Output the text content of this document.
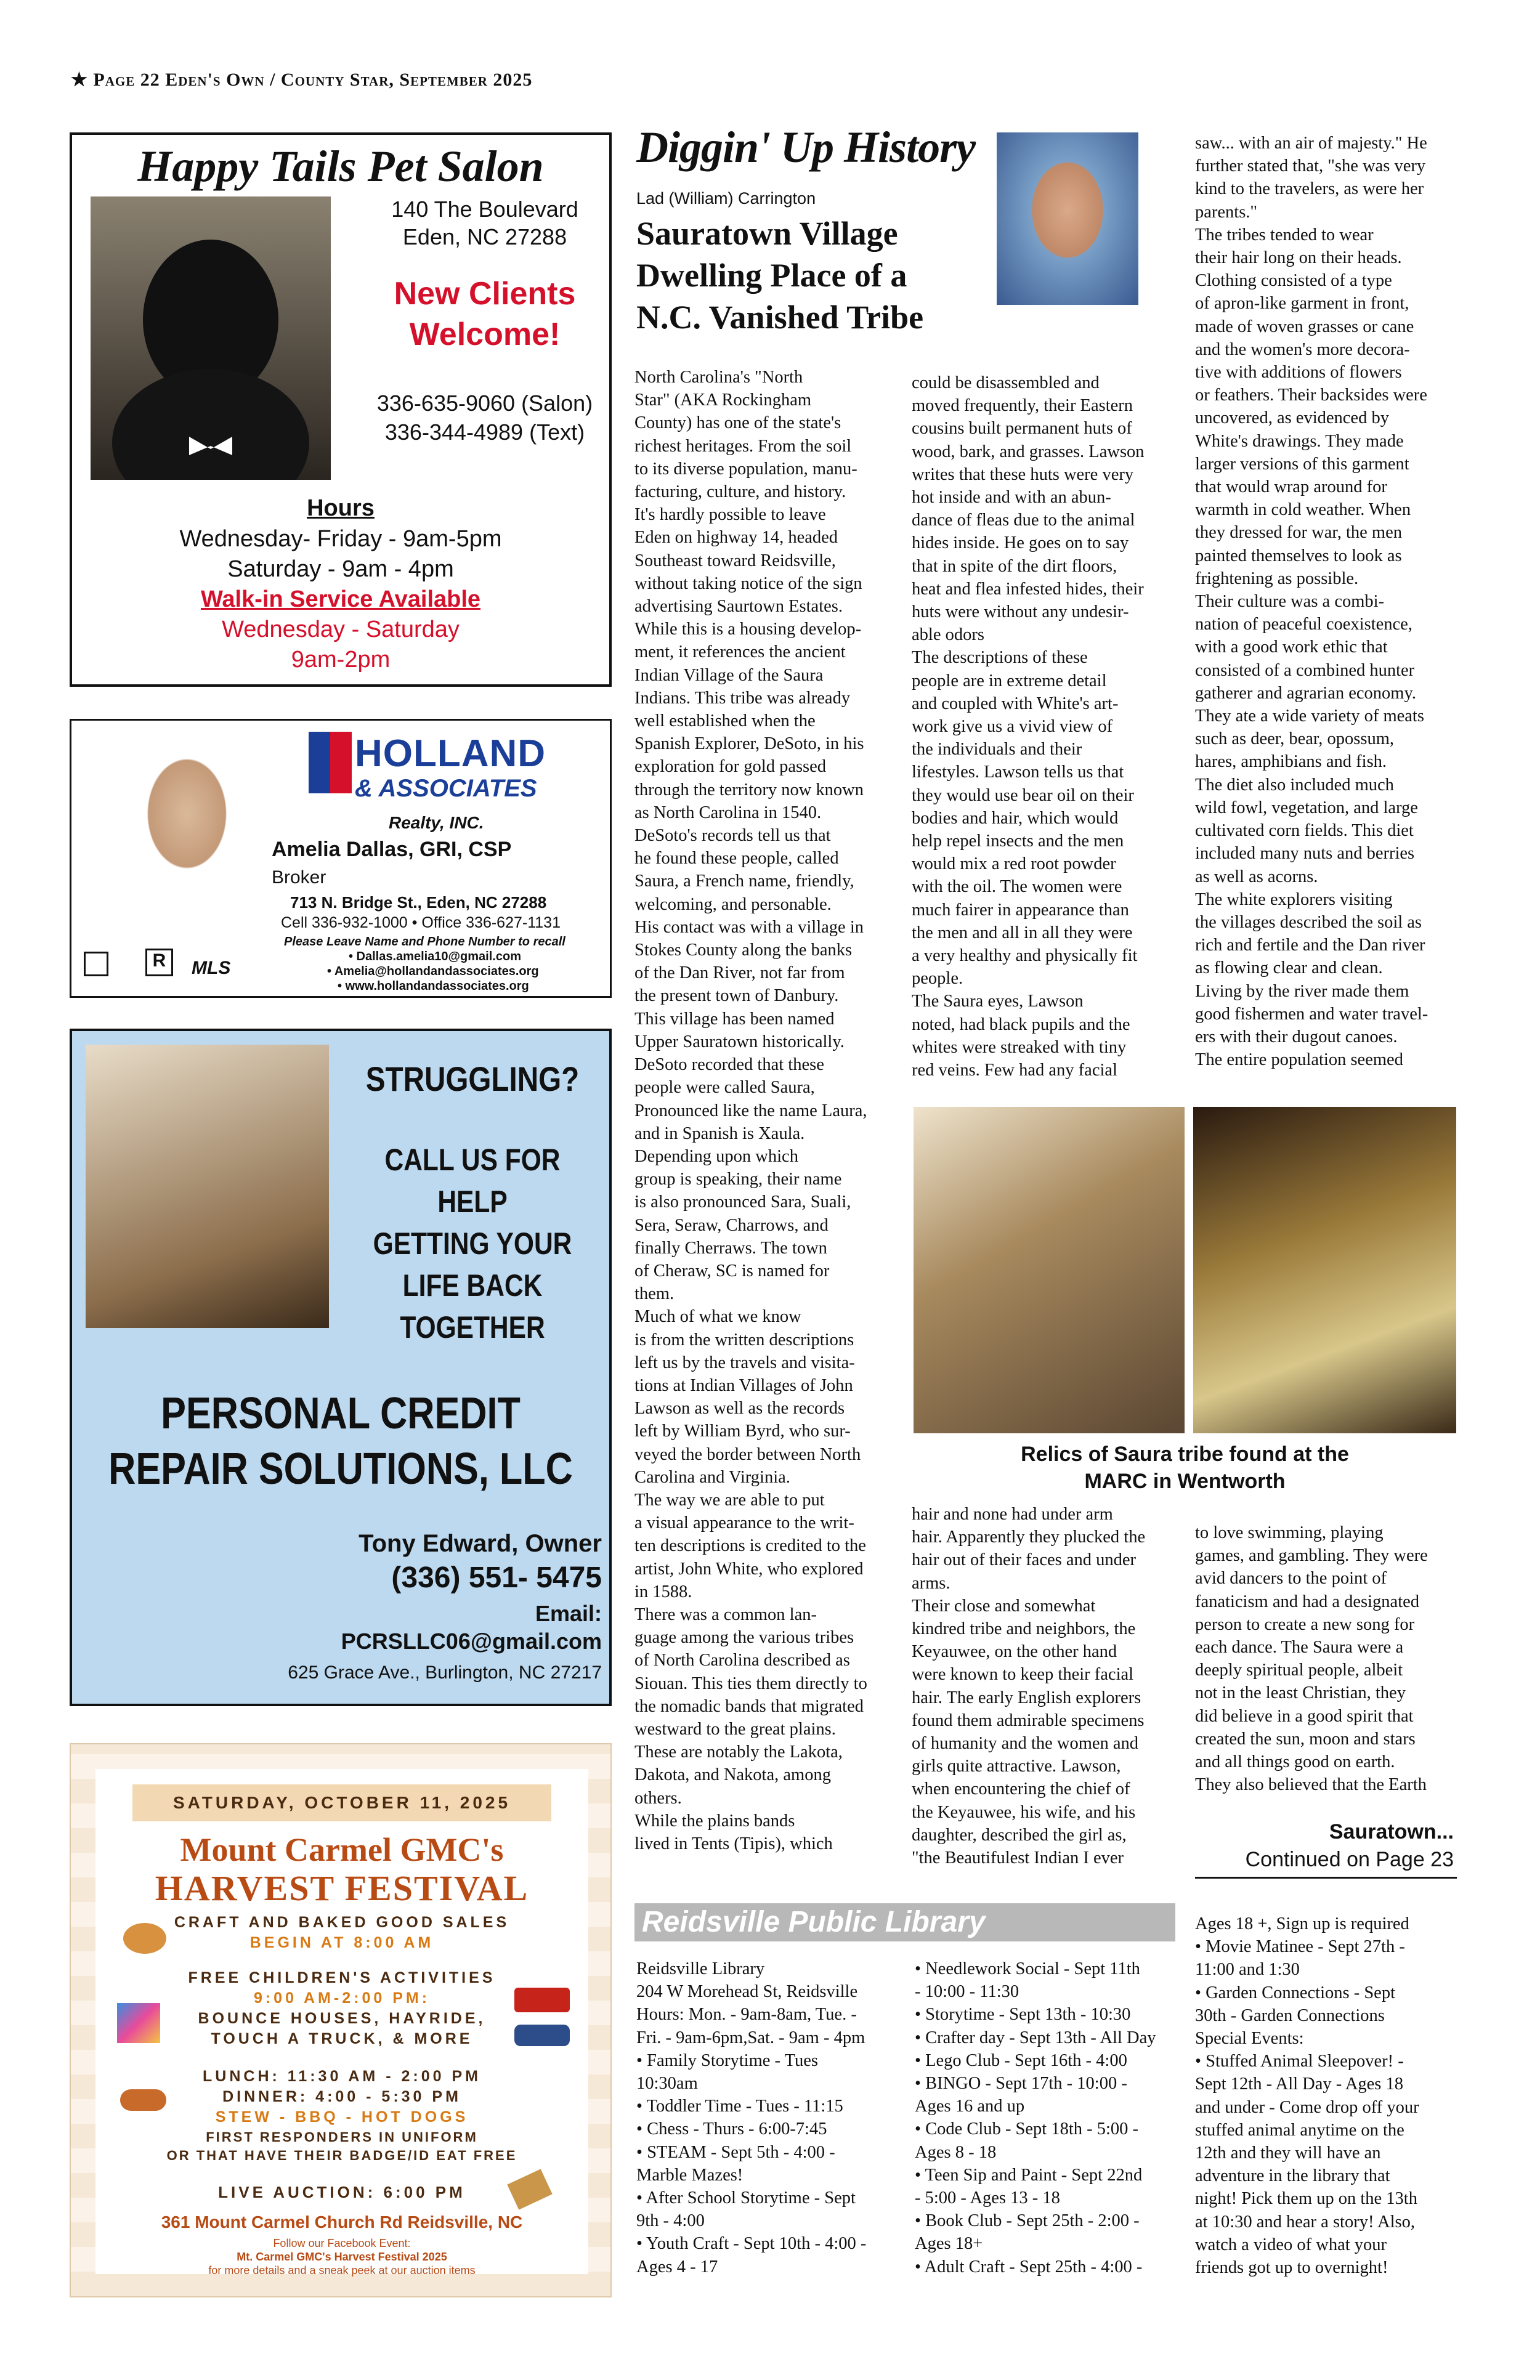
★ Page 22 Eden's Own / County Star, September 2025
Happy Tails Pet Salon
140 The Boulevard
Eden, NC 27288
New Clients Welcome!
336-635-9060 (Salon)
336-344-4989 (Text)
Hours
Wednesday- Friday - 9am-5pm
Saturday - 9am - 4pm
Walk-in Service Available
Wednesday - Saturday
9am-2pm
HOLLAND
& ASSOCIATES
Realty, INC.
Amelia Dallas, GRI, CSP
Broker
713 N. Bridge St., Eden, NC 27288
Cell 336-932-1000 • Office 336-627-1131
Please Leave Name and Phone Number to recall
• Dallas.amelia10@gmail.com
• Amelia@hollandandassociates.org
• www.hollandandassociates.org
R	MLS
STRUGGLING?
CALL US FOR
HELP
GETTING YOUR
LIFE BACK
TOGETHER
PERSONAL CREDIT
REPAIR SOLUTIONS, LLC
Tony Edward, Owner
(336) 551- 5475
Email:
PCRSLLC06@gmail.com
625 Grace Ave., Burlington, NC 27217
SATURDAY, OCTOBER 11, 2025
Mount Carmel GMC's
HARVEST FESTIVAL
CRAFT AND BAKED GOOD SALES
BEGIN AT 8:00 AM
FREE CHILDREN'S ACTIVITIES
9:00 AM-2:00 PM:
BOUNCE HOUSES, HAYRIDE,
TOUCH A TRUCK, & MORE
LUNCH: 11:30 AM - 2:00 PM
DINNER: 4:00 - 5:30 PM
STEW - BBQ - HOT DOGS
FIRST RESPONDERS IN UNIFORM
OR THAT HAVE THEIR BADGE/ID EAT FREE
LIVE AUCTION: 6:00 PM
361 Mount Carmel Church Rd Reidsville, NC
Follow our Facebook Event:
Mt. Carmel GMC's Harvest Festival 2025
for more details and a sneak peek at our auction items
Diggin' Up History
Lad (William) Carrington
Sauratown Village
Dwelling Place of a
N.C. Vanished Tribe
North Carolina's "North
Star" (AKA Rockingham
County) has one of the state's
richest heritages. From the soil
to its diverse population, manu-
facturing, culture, and history.
It's hardly possible to leave
Eden on highway 14, headed
Southeast toward Reidsville,
without taking notice of the sign
advertising Saurtown Estates.
While this is a housing develop-
ment, it references the ancient
Indian Village of the Saura
Indians. This tribe was already
well established when the
Spanish Explorer, DeSoto, in his
exploration for gold passed
through the territory now known
as North Carolina in 1540.
DeSoto's records tell us that
he found these people, called
Saura, a French name, friendly,
welcoming, and personable.
His contact was with a village in
Stokes County along the banks
of the Dan River, not far from
the present town of Danbury.
This village has been named
Upper Sauratown historically.
DeSoto recorded that these
people were called Saura,
Pronounced like the name Laura,
and in Spanish is Xaula.
Depending upon which
group is speaking, their name
is also pronounced Sara, Suali,
Sera, Seraw, Charrows, and
finally Cherraws. The town
of Cheraw, SC is named for
them.
Much of what we know
is from the written descriptions
left us by the travels and visita-
tions at Indian Villages of John
Lawson as well as the records
left by William Byrd, who sur-
veyed the border between North
Carolina and Virginia.
The way we are able to put
a visual appearance to the writ-
ten descriptions is credited to the
artist, John White, who explored
in 1588.
There was a common lan-
guage among the various tribes
of North Carolina described as
Siouan. This ties them directly to
the nomadic bands that migrated
westward to the great plains.
These are notably the Lakota,
Dakota, and Nakota, among
others.
While the plains bands
lived in Tents (Tipis), which
could be disassembled and
moved frequently, their Eastern
cousins built permanent huts of
wood, bark, and grasses. Lawson
writes that these huts were very
hot inside and with an abun-
dance of fleas due to the animal
hides inside. He goes on to say
that in spite of the dirt floors,
heat and flea infested hides, their
huts were without any undesir-
able odors
The descriptions of these
people are in extreme detail
and coupled with White's art-
work give us a vivid view of
the individuals and their
lifestyles. Lawson tells us that
they would use bear oil on their
bodies and hair, which would
help repel insects and the men
would mix a red root powder
with the oil. The women were
much fairer in appearance than
the men and all in all they were
a very healthy and physically fit
people.
The Saura eyes, Lawson
noted, had black pupils and the
whites were streaked with tiny
red veins. Few had any facial
saw... with an air of majesty." He
further stated that, "she was very
kind to the travelers, as were her
parents."
The tribes tended to wear
their hair long on their heads.
Clothing consisted of a type
of apron-like garment in front,
made of woven grasses or cane
and the women's more decora-
tive with additions of flowers
or feathers. Their backsides were
uncovered, as evidenced by
White's drawings. They made
larger versions of this garment
that would wrap around for
warmth in cold weather. When
they dressed for war, the men
painted themselves to look as
frightening as possible.
Their culture was a combi-
nation of peaceful coexistence,
with a good work ethic that
consisted of a combined hunter
gatherer and agrarian economy.
They ate a wide variety of meats
such as deer, bear, opossum,
hares, amphibians and fish.
The diet also included much
wild fowl, vegetation, and large
cultivated corn fields. This diet
included many nuts and berries
as well as acorns.
The white explorers visiting
the villages described the soil as
rich and fertile and the Dan river
as flowing clear and clean.
Living by the river made them
good fishermen and water travel-
ers with their dugout canoes.
The entire population seemed
Relics of Saura tribe found at the
MARC in Wentworth
hair and none had under arm
hair. Apparently they plucked the
hair out of their faces and under
arms.
Their close and somewhat
kindred tribe and neighbors, the
Keyauwee, on the other hand
were known to keep their facial
hair. The early English explorers
found them admirable specimens
of humanity and the women and
girls quite attractive. Lawson,
when encountering the chief of
the Keyauwee, his wife, and his
daughter, described the girl as,
"the Beautifulest Indian I ever
to love swimming, playing
games, and gambling. They were
avid dancers to the point of
fanaticism and had a designated
person to create a new song for
each dance. The Saura were a
deeply spiritual people, albeit
not in the least Christian, they
did believe in a good spirit that
created the sun, moon and stars
and all things good on earth.
They also believed that the Earth
Sauratown...
Continued on Page 23
Reidsville Public Library
Reidsville Library
204 W Morehead St, Reidsville
Hours: Mon. - 9am-8am, Tue. -
Fri. - 9am-6pm,Sat. - 9am - 4pm
• Family Storytime - Tues
10:30am
• Toddler Time - Tues - 11:15
• Chess - Thurs - 6:00-7:45
• STEAM - Sept 5th - 4:00 -
Marble Mazes!
• After School Storytime - Sept
9th - 4:00
• Youth Craft - Sept 10th - 4:00 -
Ages 4 - 17
• Needlework Social - Sept 11th
- 10:00 - 11:30
• Storytime - Sept 13th - 10:30
• Crafter day - Sept 13th - All Day
• Lego Club - Sept 16th - 4:00
• BINGO - Sept 17th - 10:00 -
Ages 16 and up
• Code Club - Sept 18th - 5:00 -
Ages 8 - 18
• Teen Sip and Paint - Sept 22nd
- 5:00 - Ages 13 - 18
• Book Club - Sept 25th - 2:00 -
Ages 18+
• Adult Craft - Sept 25th - 4:00 -
Ages 18 +, Sign up is required
• Movie Matinee - Sept 27th -
11:00 and 1:30
• Garden Connections - Sept
30th - Garden Connections
Special Events:
• Stuffed Animal Sleepover! -
Sept 12th - All Day - Ages 18
and under - Come drop off your
stuffed animal anytime on the
12th and they will have an
adventure in the library that
night! Pick them up on the 13th
at 10:30 and hear a story! Also,
watch a video of what your
friends got up to overnight!
